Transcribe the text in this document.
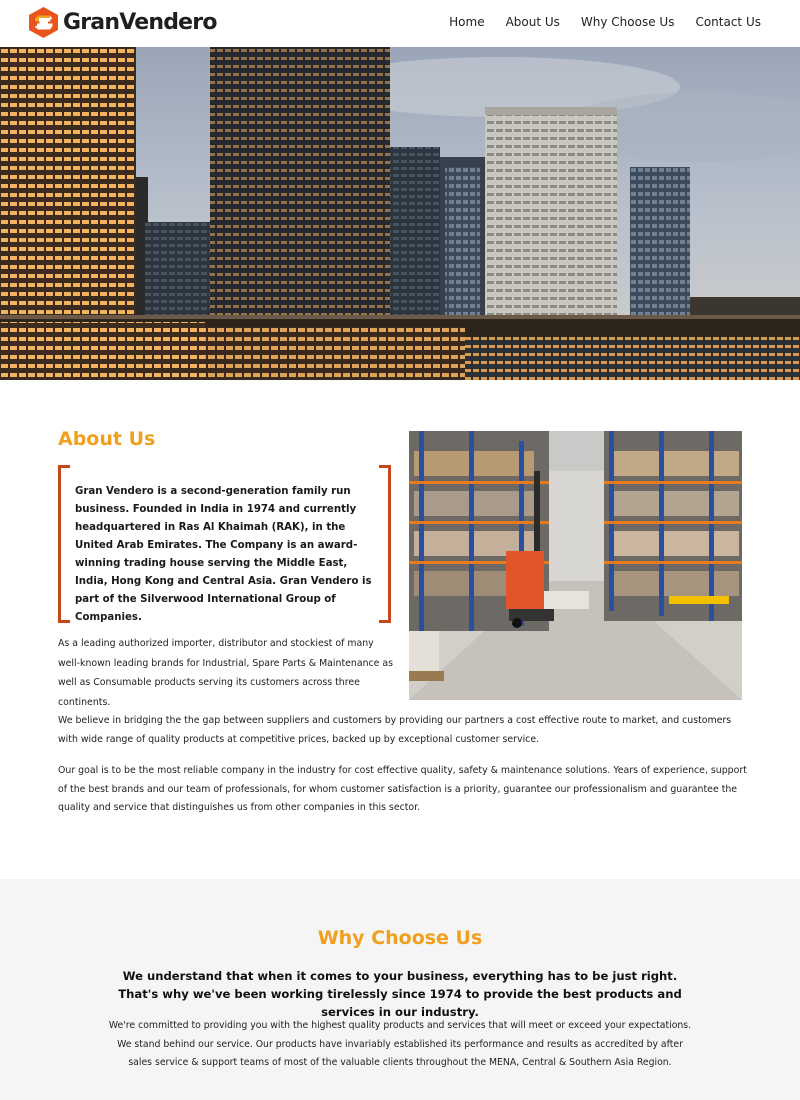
GranVendero	Home About Us Why Choose Us Contact Us
About Us

Gran Vendero is a second-generation family run business. Founded in India in 1974 and currently headquartered in Ras Al Khaimah (RAK), in the United Arab Emirates. The Company is an award-winning trading house serving the Middle East, India, Hong Kong and Central Asia. Gran Vendero is part of the Silverwood International Group of Companies.

As a leading authorized importer, distributor and stockiest of many well-known leading brands for Industrial, Spare Parts & Maintenance as well as Consumable products serving its customers across three continents.

We believe in bridging the the gap between suppliers and customers by providing our partners a cost effective route to market, and customers with wide range of quality products at competitive prices, backed up by exceptional customer service.

Our goal is to be the most reliable company in the industry for cost effective quality, safety & maintenance solutions. Years of experience, support of the best brands and our team of professionals, for whom customer satisfaction is a priority, guarantee our professionalism and guarantee the quality and service that distinguishes us from other companies in this sector.

Why Choose Us

We understand that when it comes to your business, everything has to be just right. That's why we've been working tirelessly since 1974 to provide the best products and services in our industry.

We're committed to providing you with the highest quality products and services that will meet or exceed your expectations. We stand behind our service. Our products have invariably established its performance and results as accredited by after sales service & support teams of most of the valuable clients throughout the MENA, Central & Southern Asia Region.
